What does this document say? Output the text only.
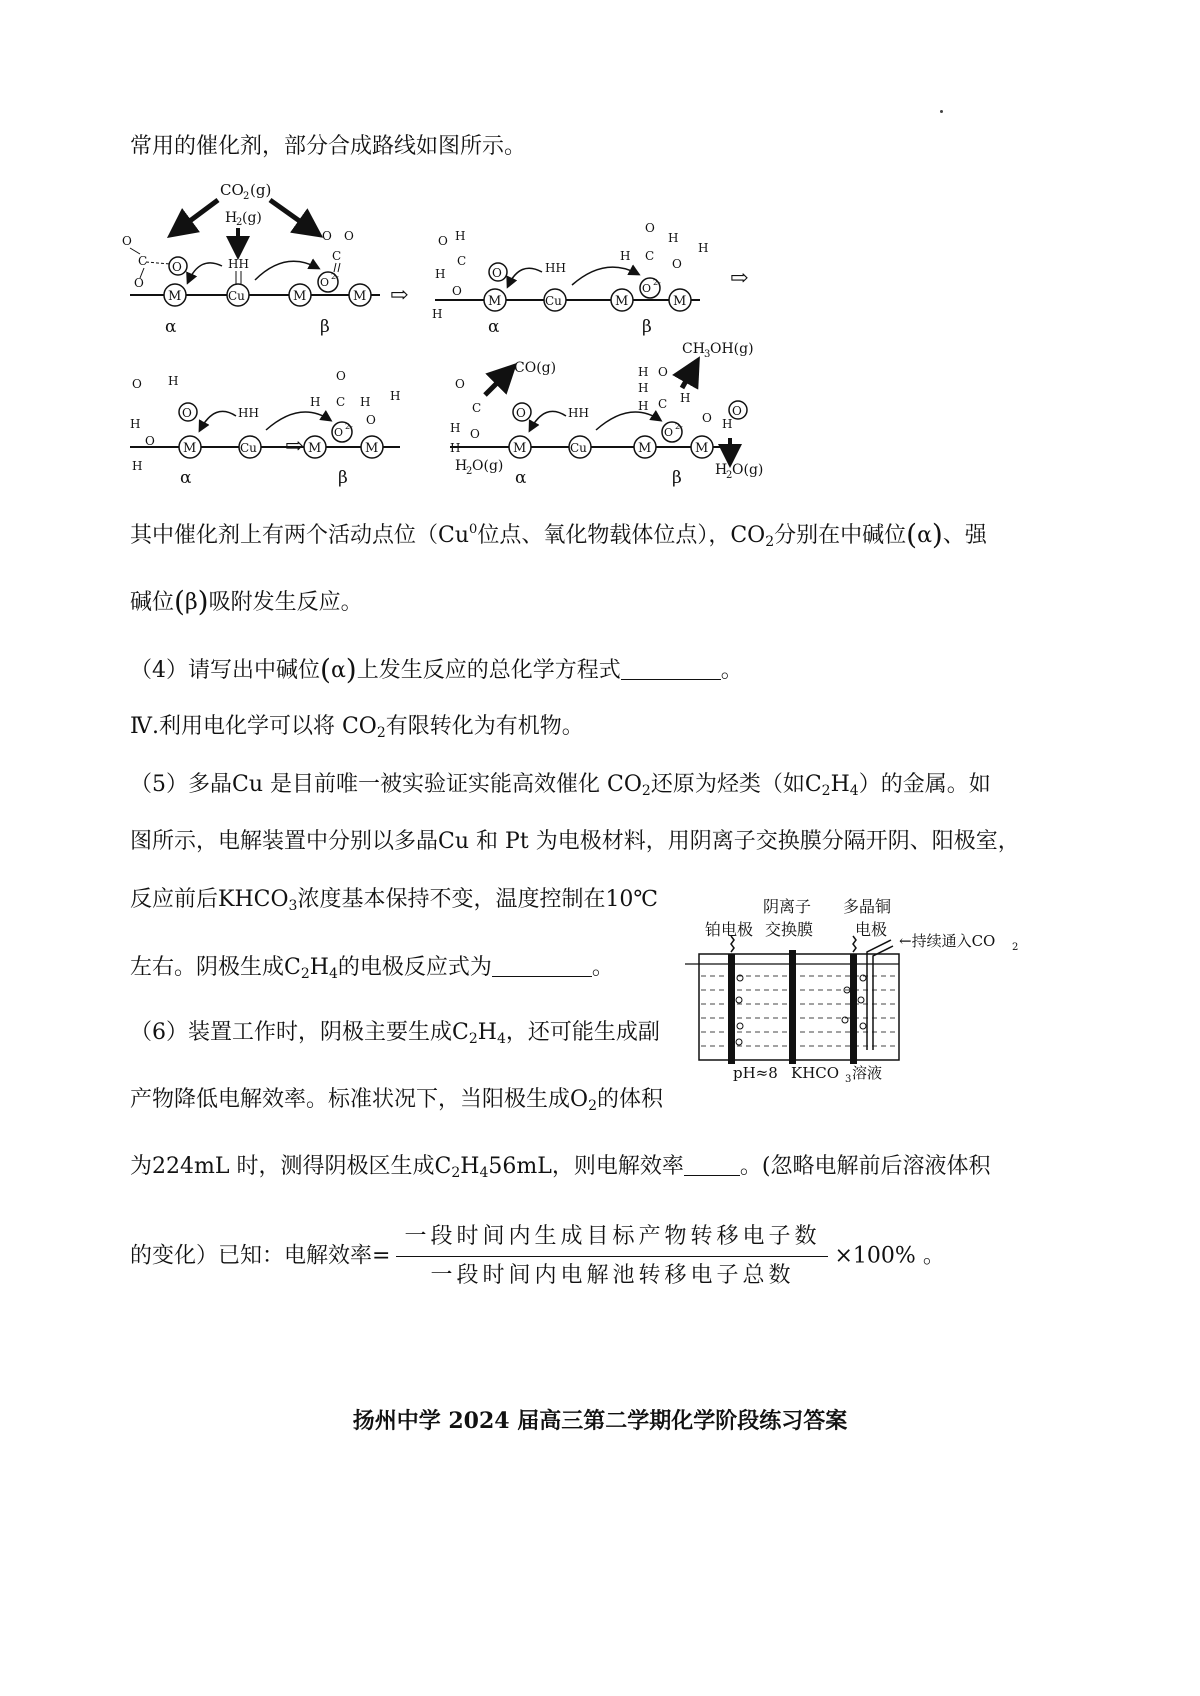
常用的催化剂，部分合成路线如图所示。
CO 2 (g)
H
2 (g)
M	Cu	M
O 2-
M
O
O
C
O
HH
O O
C
α	β
⇨	M	Cu	M
O 2-
M
O
O H
C
H
O
H
HH
O
H C
H
O
H
α	β
⇨
⇨
M	Cu	M
O 2-
M
O
O H
H
O
H
HH
O
H C H
O
H
α	β
M	Cu	M
O 2-
M
O	O
CO(g)
O
C
H O
H
H
2 O(g)
HH
CH 3 OH(g)
H O
H
C
H
H
O H
H
2 O(g)
α	β
其中催化剂上有两个活动点位（Cu$^0$位点、氧化物载体位点），$CO_2$分别在中碱位(α)、强
碱位(β)吸附发生反应。
（4）请写出中碱位(α)上发生反应的总化学方程式	。
Ⅳ.利用电化学可以将 $CO_2$有限转化为有机物。
（5）多晶Cu 是目前唯一被实验证实能高效催化 $CO_2$还原为烃类（如$C_2H_4$）的金属。如
图所示，电解装置中分别以多晶Cu 和 Pt 为电极材料，用阴离子交换膜分隔开阴、阳极室，
反应前后$KHCO_3$浓度基本保持不变，温度控制在10℃
左右。阴极生成$C_2H_4$的电极反应式为	。
（6）装置工作时，阴极主要生成$C_2H_4$，还可能生成副
产物降低电解效率。标准状况下，当阳极生成$O_2$的体积
为224mL 时，测得阴极区生成$C_2H_456mL$，则电解效率	。(忽略电解前后溶液体积
的变化）已知：电解效率= $\frac{\text{一段时间内生成目标产物转移电子数}}{\text{一段时间内电解池转移电子总数}} \times 100\%$ 。
阴离子 多晶铜
铂电极 交换膜	电极
←持续通入CO 2
pH≈8 KHCO 3 溶液
扬州中学 2024 届高三第二学期化学阶段练习答案
